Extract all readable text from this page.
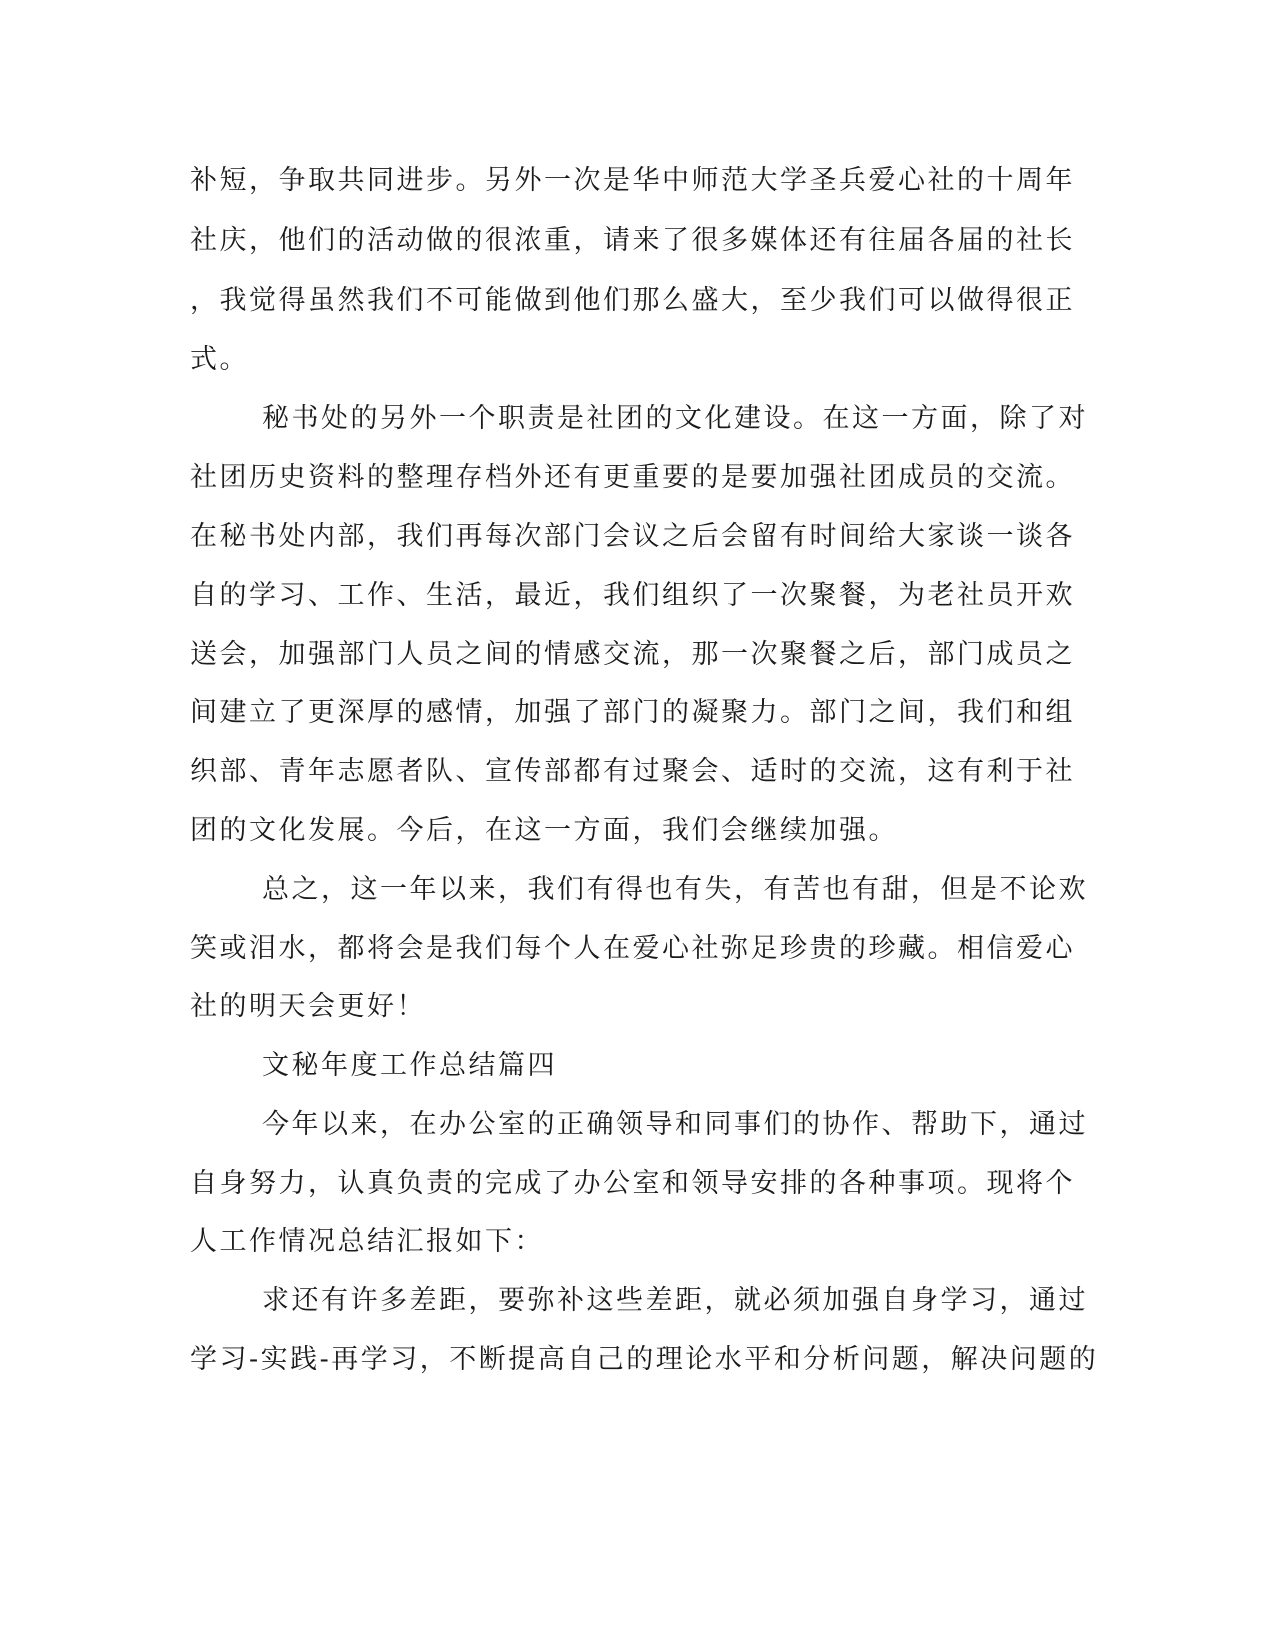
补短，争取共同进步。另外一次是华中师范大学圣兵爱心社的十周年
社庆，他们的活动做的很浓重，请来了很多媒体还有往届各届的社长
，我觉得虽然我们不可能做到他们那么盛大，至少我们可以做得很正
式。
秘书处的另外一个职责是社团的文化建设。在这一方面，除了对
社团历史资料的整理存档外还有更重要的是要加强社团成员的交流。
在秘书处内部，我们再每次部门会议之后会留有时间给大家谈一谈各
自的学习、工作、生活，最近，我们组织了一次聚餐，为老社员开欢
送会，加强部门人员之间的情感交流，那一次聚餐之后，部门成员之
间建立了更深厚的感情，加强了部门的凝聚力。部门之间，我们和组
织部、青年志愿者队、宣传部都有过聚会、适时的交流，这有利于社
团的文化发展。今后，在这一方面，我们会继续加强。
总之，这一年以来，我们有得也有失，有苦也有甜，但是不论欢
笑或泪水，都将会是我们每个人在爱心社弥足珍贵的珍藏。相信爱心
社的明天会更好！
文秘年度工作总结篇四
今年以来，在办公室的正确领导和同事们的协作、帮助下，通过
自身努力，认真负责的完成了办公室和领导安排的各种事项。现将个
人工作情况总结汇报如下：
求还有许多差距，要弥补这些差距，就必须加强自身学习，通过
学习-实践-再学习，不断提高自己的理论水平和分析问题，解决问题的
